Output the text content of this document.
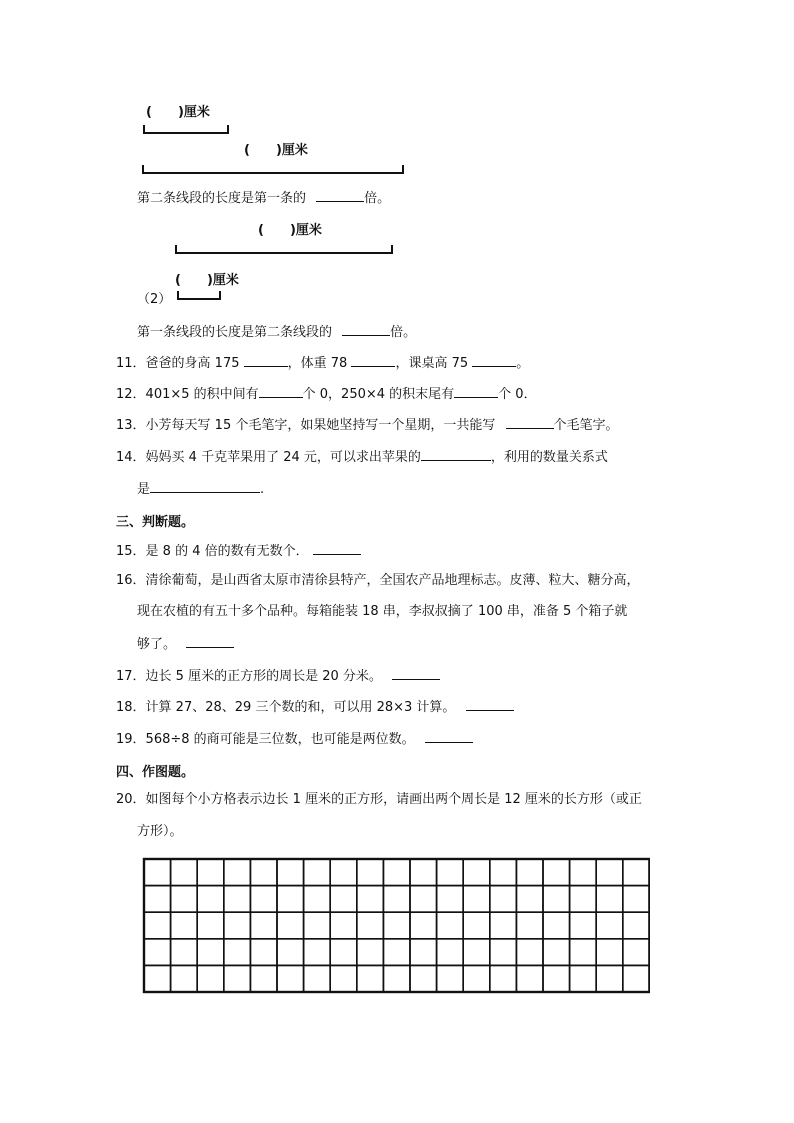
(　　)厘米
(　　)厘米
第二条线段的长度是第一条的	倍。
(　　)厘米
(　　)厘米
（2）
第一条线段的长度是第二条线段的	倍。
11．爸爸的身高 175	，体重 78	，课桌高 75	。
12．401×5 的积中间有	个 0，250×4 的积末尾有	个 0．
13．小芳每天写 15 个毛笔字，如果她坚持写一个星期，一共能写	个毛笔字。
14．妈妈买 4 千克苹果用了 24 元，可以求出苹果的	，利用的数量关系式
是	.
三、判断题。
15．是 8 的 4 倍的数有无数个．
16．清徐葡萄，是山西省太原市清徐县特产，全国农产品地理标志。皮薄、粒大、糖分高，
现在农植的有五十多个品种。每箱能装 18 串，李叔叔摘了 100 串，准备 5 个箱子就
够了。
17．边长 5 厘米的正方形的周长是 20 分米。
18．计算 27、28、29 三个数的和，可以用 28×3 计算。
19．568÷8 的商可能是三位数，也可能是两位数。
四、作图题。
20．如图每个小方格表示边长 1 厘米的正方形，请画出两个周长是 12 厘米的长方形（或正
方形）。
